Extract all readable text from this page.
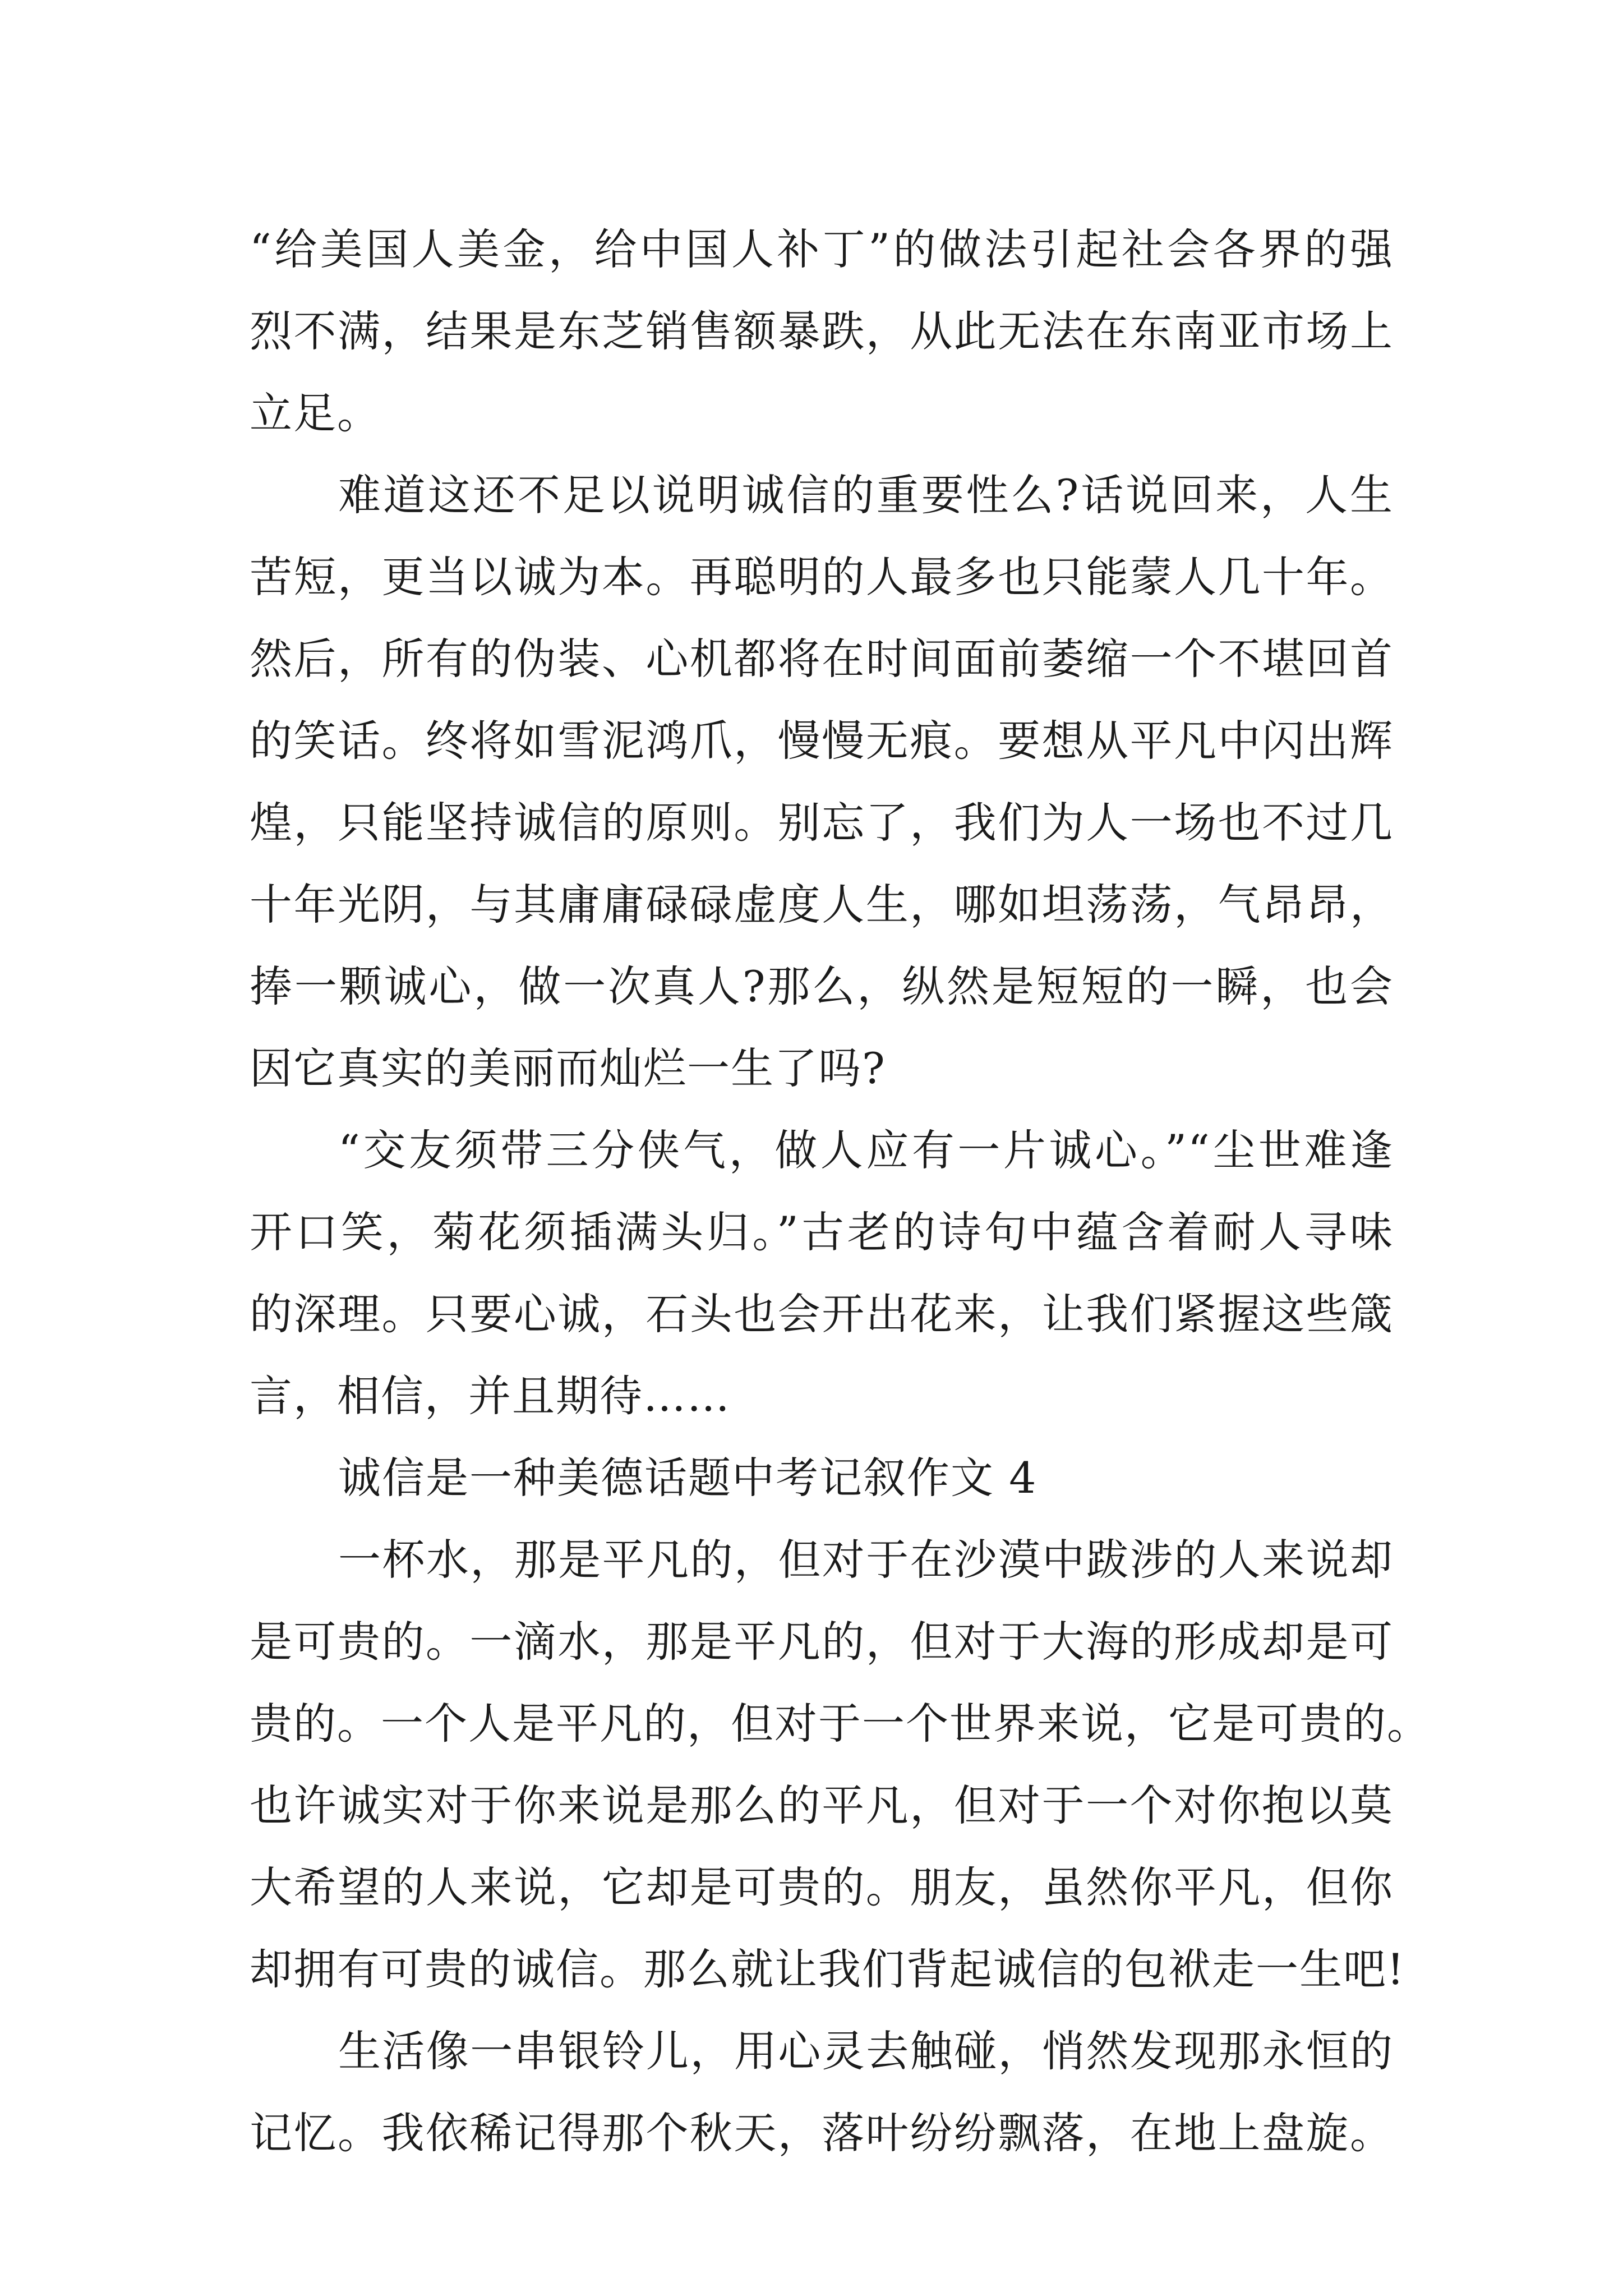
“给美国人美金，给中国人补丁”的做法引起社会各界的强
烈不满，结果是东芝销售额暴跌，从此无法在东南亚市场上
立足。
难道这还不足以说明诚信的重要性么?话说回来，人生
苦短，更当以诚为本。再聪明的人最多也只能蒙人几十年。
然后，所有的伪装、心机都将在时间面前萎缩一个不堪回首
的笑话。终将如雪泥鸿爪，慢慢无痕。要想从平凡中闪出辉
煌，只能坚持诚信的原则。别忘了，我们为人一场也不过几
十年光阴，与其庸庸碌碌虚度人生，哪如坦荡荡，气昂昂，
捧一颗诚心，做一次真人?那么，纵然是短短的一瞬，也会
因它真实的美丽而灿烂一生了吗?
“交友须带三分侠气，做人应有一片诚心。”“尘世难逢
开口笑，菊花须插满头归。”古老的诗句中蕴含着耐人寻味
的深理。只要心诚，石头也会开出花来，让我们紧握这些箴
言，相信，并且期待……
诚信是一种美德话题中考记叙作文 4
一杯水，那是平凡的，但对于在沙漠中跋涉的人来说却
是可贵的。一滴水，那是平凡的，但对于大海的形成却是可
贵的。一个人是平凡的，但对于一个世界来说，它是可贵的。
也许诚实对于你来说是那么的平凡，但对于一个对你抱以莫
大希望的人来说，它却是可贵的。朋友，虽然你平凡，但你
却拥有可贵的诚信。那么就让我们背起诚信的包袱走一生吧!
生活像一串银铃儿，用心灵去触碰，悄然发现那永恒的
记忆。我依稀记得那个秋天，落叶纷纷飘落，在地上盘旋。
